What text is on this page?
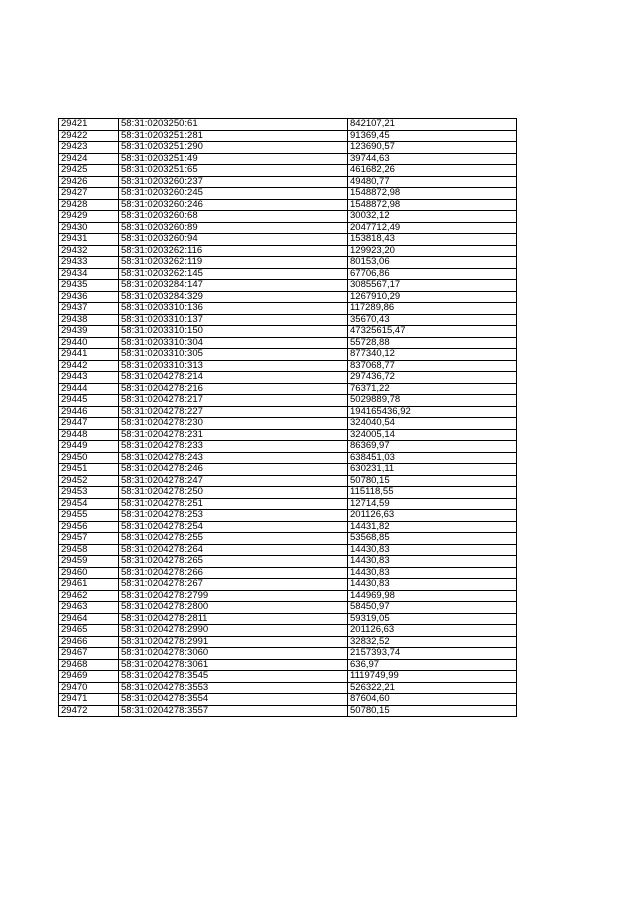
29421	58:31:0203250:61	842107,21
29422	58:31:0203251:281	91369,45
29423	58:31:0203251:290	123690,57
29424	58:31:0203251:49	39744,63
29425	58:31:0203251:65	461682,26
29426	58:31:0203260:237	49480,77
29427	58:31:0203260:245	1548872,98
29428	58:31:0203260:246	1548872,98
29429	58:31:0203260:68	30032,12
29430	58:31:0203260:89	2047712,49
29431	58:31:0203260:94	153818,43
29432	58:31:0203262:116	129923,20
29433	58:31:0203262:119	80153,06
29434	58:31:0203262:145	67706,86
29435	58:31:0203284:147	3085567,17
29436	58:31:0203284:329	1267910,29
29437	58:31:0203310:136	117289,86
29438	58:31:0203310:137	35670,43
29439	58:31:0203310:150	47325615,47
29440	58:31:0203310:304	55728,88
29441	58:31:0203310:305	877340,12
29442	58:31:0203310:313	837068,77
29443	58:31:0204278:214	297436,72
29444	58:31:0204278:216	76371,22
29445	58:31:0204278:217	5029889,78
29446	58:31:0204278:227	194165436,92
29447	58:31:0204278:230	324040,54
29448	58:31:0204278:231	324005,14
29449	58:31:0204278:233	86369,97
29450	58:31:0204278:243	638451,03
29451	58:31:0204278:246	630231,11
29452	58:31:0204278:247	50780,15
29453	58:31:0204278:250	115118,55
29454	58:31:0204278:251	12714,59
29455	58:31:0204278:253	201126,63
29456	58:31:0204278:254	14431,82
29457	58:31:0204278:255	53568,85
29458	58:31:0204278:264	14430,83
29459	58:31:0204278:265	14430,83
29460	58:31:0204278:266	14430,83
29461	58:31:0204278:267	14430,83
29462	58:31:0204278:2799	144969,98
29463	58:31:0204278:2800	58450,97
29464	58:31:0204278:2811	59319,05
29465	58:31:0204278:2990	201126,63
29466	58:31:0204278:2991	32832,52
29467	58:31:0204278:3060	2157393,74
29468	58:31:0204278:3061	636,97
29469	58:31:0204278:3545	1119749,99
29470	58:31:0204278:3553	526322,21
29471	58:31:0204278:3554	87604,60
29472	58:31:0204278:3557	50780,15
